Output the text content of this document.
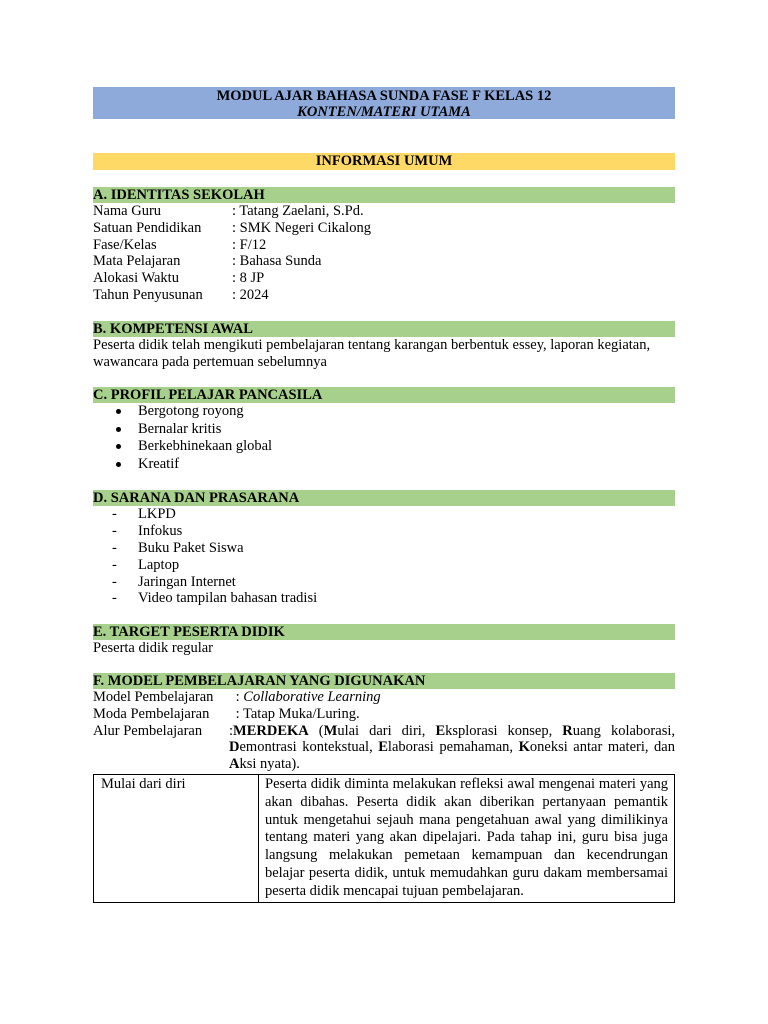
MODUL AJAR BAHASA SUNDA FASE F KELAS 12
KONTEN/MATERI UTAMA
INFORMASI UMUM
A. IDENTITAS SEKOLAH
Nama Guru	: Tatang Zaelani, S.Pd.
Satuan Pendidikan	: SMK Negeri Cikalong
Fase/Kelas	: F/12
Mata Pelajaran	: Bahasa Sunda
Alokasi Waktu	: 8 JP
Tahun Penyusunan	: 2024
B. KOMPETENSI AWAL
Peserta didik telah mengikuti pembelajaran tentang karangan berbentuk essey, laporan kegiatan, wawancara pada pertemuan sebelumnya
C. PROFIL PELAJAR PANCASILA
Bergotong royong
Bernalar kritis
Berkebhinekaan global
Kreatif
D. SARANA DAN PRASARANA
- LKPD
- Infokus
- Buku Paket Siswa
- Laptop
- Jaringan Internet
- Video tampilan bahasan tradisi
E. TARGET PESERTA DIDIK
Peserta didik regular
F. MODEL PEMBELAJARAN YANG DIGUNAKAN
Model Pembelajaran	: Collaborative Learning
Moda Pembelajaran	: Tatap Muka/Luring.
Alur Pembelajaran	:MERDEKA (Mulai dari diri, Eksplorasi konsep, Ruang kolaborasi, Demontrasi kontekstual, Elaborasi pemahaman, Koneksi antar materi, dan Aksi nyata).
Mulai dari diri	Peserta didik diminta melakukan refleksi awal mengenai materi yang akan dibahas. Peserta didik akan diberikan pertanyaan pemantik untuk mengetahui sejauh mana pengetahuan awal yang dimilikinya tentang materi yang akan dipelajari. Pada tahap ini, guru bisa juga langsung melakukan pemetaan kemampuan dan kecendrungan belajar peserta didik, untuk memudahkan guru dakam membersamai peserta didik mencapai tujuan pembelajaran.
